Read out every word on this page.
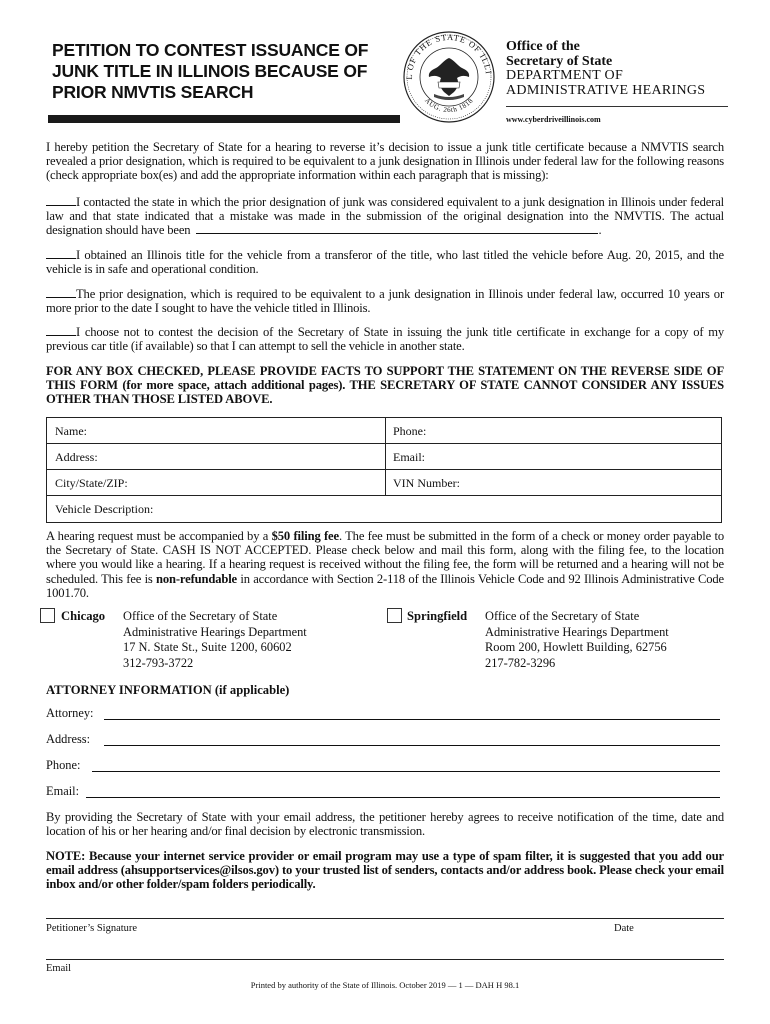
PETITION TO CONTEST ISSUANCE OF
JUNK TITLE IN ILLINOIS BECAUSE OF
PRIOR NMVTIS SEARCH
L OF THE STATE OF ILLI
AUG. 26th 1818
Office of the
Secretary of State
DEPARTMENT OF
ADMINISTRATIVE HEARINGS
www.cyberdriveillinois.com
I hereby petition the Secretary of State for a hearing to reverse it’s decision to issue a junk title certificate because a NMVTIS search revealed a prior designation, which is required to be equivalent to a junk designation in Illinois under federal law for the following reasons (check appropriate box(es) and add the appropriate information within each paragraph that is missing):
I contacted the state in which the prior designation of junk was considered equivalent to a junk designation in Illinois under federal law and that state indicated that a mistake was made in the submission of the original designation into the NMVTIS. The actual designation should have been	.
I obtained an Illinois title for the vehicle from a transferor of the title, who last titled the vehicle before Aug. 20, 2015, and the vehicle is in safe and operational condition.
The prior designation, which is required to be equivalent to a junk designation in Illinois under federal law, occurred 10 years or more prior to the date I sought to have the vehicle titled in Illinois.
I choose not to contest the decision of the Secretary of State in issuing the junk title certificate in exchange for a copy of my previous car title (if available) so that I can attempt to sell the vehicle in another state.
FOR ANY BOX CHECKED, PLEASE PROVIDE FACTS TO SUPPORT THE STATEMENT ON THE REVERSE SIDE OF THIS FORM (for more space, attach additional pages). THE SECRETARY OF STATE CANNOT CONSIDER ANY ISSUES OTHER THAN THOSE LISTED ABOVE.
Name:	Phone:
Address:	Email:
City/State/ZIP:	VIN Number:
Vehicle Description:
A hearing request must be accompanied by a $50 filing fee. The fee must be submitted in the form of a check or money order payable to the Secretary of State. CASH IS NOT ACCEPTED. Please check below and mail this form, along with the filing fee, to the location where you would like a hearing. If a hearing request is received without the filing fee, the form will be returned and a hearing will not be scheduled. This fee is non-refundable in accordance with Section 2-118 of the Illinois Vehicle Code and 92 Illinois Administrative Code 1001.70.
Chicago Office of the Secretary of State
Administrative Hearings Department
17 N. State St., Suite 1200, 60602
312-793-3722
Springfield Office of the Secretary of State
Administrative Hearings Department
Room 200, Howlett Building, 62756
217-782-3296
ATTORNEY INFORMATION (if applicable)
Attorney:
Address:
Phone:
Email:
By providing the Secretary of State with your email address, the petitioner hereby agrees to receive notification of the time, date and location of his or her hearing and/or final decision by electronic transmission.
NOTE: Because your internet service provider or email program may use a type of spam filter, it is suggested that you add our email address (ahsupportservices@ilsos.gov) to your trusted list of senders, contacts and/or address book. Please check your email inbox and/or other folder/spam folders periodically.
Petitioner’s Signature	Date
Email
Printed by authority of the State of Illinois. October 2019 — 1 — DAH H 98.1
